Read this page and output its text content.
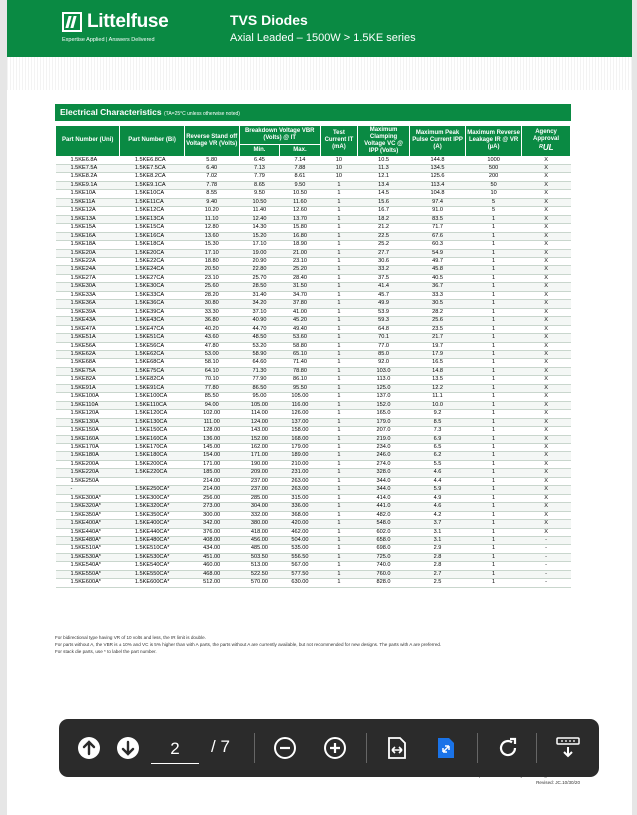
Littelfuse
Expertise Applied | Answers Delivered
TVS Diodes
Axial Leaded – 1500W > 1.5KE series
Electrical Characteristics (TA=25°C unless otherwise noted)
Part Number (Uni)	Part Number (Bi)	Reverse Stand off Voltage VR (Volts)	Breakdown Voltage VBR (Volts) @ IT		Test Current IT (mA)	Maximum Clamping Voltage VC @ IPP (Volts)	Maximum Peak Pulse Current IPP (A)	Maximum Reverse Leakage IR @ VR (µA)	Agency Approval
ᴿUL

			Min.	Max.					
1.5KE6.8A	1.5KE6.8CA	5.80	6.45	7.14	10	10.5	144.8	1000	X
1.5KE7.5A	1.5KE7.5CA	6.40	7.13	7.88	10	11.3	134.5	500	X
1.5KE8.2A	1.5KE8.2CA	7.02	7.79	8.61	10	12.1	125.6	200	X
1.5KE9.1A	1.5KE9.1CA	7.78	8.65	9.50	1	13.4	113.4	50	X
1.5KE10A	1.5KE10CA	8.55	9.50	10.50	1	14.5	104.8	10	X
1.5KE11A	1.5KE11CA	9.40	10.50	11.60	1	15.6	97.4	5	X
1.5KE12A	1.5KE12CA	10.20	11.40	12.60	1	16.7	91.0	5	X
1.5KE13A	1.5KE13CA	11.10	12.40	13.70	1	18.2	83.5	1	X
1.5KE15A	1.5KE15CA	12.80	14.30	15.80	1	21.2	71.7	1	X
1.5KE16A	1.5KE16CA	13.60	15.20	16.80	1	22.5	67.6	1	X
1.5KE18A	1.5KE18CA	15.30	17.10	18.90	1	25.2	60.3	1	X
1.5KE20A	1.5KE20CA	17.10	19.00	21.00	1	27.7	54.9	1	X
1.5KE22A	1.5KE22CA	18.80	20.90	23.10	1	30.6	49.7	1	X
1.5KE24A	1.5KE24CA	20.50	22.80	25.20	1	33.2	45.8	1	X
1.5KE27A	1.5KE27CA	23.10	25.70	28.40	1	37.5	40.5	1	X
1.5KE30A	1.5KE30CA	25.60	28.50	31.50	1	41.4	36.7	1	X
1.5KE33A	1.5KE33CA	28.20	31.40	34.70	1	45.7	33.3	1	X
1.5KE36A	1.5KE36CA	30.80	34.20	37.80	1	49.9	30.5	1	X
1.5KE39A	1.5KE39CA	33.30	37.10	41.00	1	53.9	28.2	1	X
1.5KE43A	1.5KE43CA	36.80	40.90	45.20	1	59.3	25.6	1	X
1.5KE47A	1.5KE47CA	40.20	44.70	49.40	1	64.8	23.5	1	X
1.5KE51A	1.5KE51CA	43.60	48.50	53.60	1	70.1	21.7	1	X
1.5KE56A	1.5KE56CA	47.80	53.20	58.80	1	77.0	19.7	1	X
1.5KE62A	1.5KE62CA	53.00	58.90	65.10	1	85.0	17.9	1	X
1.5KE68A	1.5KE68CA	58.10	64.60	71.40	1	92.0	16.5	1	X
1.5KE75A	1.5KE75CA	64.10	71.30	78.80	1	103.0	14.8	1	X
1.5KE82A	1.5KE82CA	70.10	77.90	86.10	1	113.0	13.5	1	X
1.5KE91A	1.5KE91CA	77.80	86.50	95.50	1	125.0	12.2	1	X
1.5KE100A	1.5KE100CA	85.50	95.00	105.00	1	137.0	11.1	1	X
1.5KE110A	1.5KE110CA	94.00	105.00	116.00	1	152.0	10.0	1	X
1.5KE120A	1.5KE120CA	102.00	114.00	126.00	1	165.0	9.2	1	X
1.5KE130A	1.5KE130CA	111.00	124.00	137.00	1	179.0	8.5	1	X
1.5KE150A	1.5KE150CA	128.00	143.00	158.00	1	207.0	7.3	1	X
1.5KE160A	1.5KE160CA	136.00	152.00	168.00	1	219.0	6.9	1	X
1.5KE170A	1.5KE170CA	145.00	162.00	179.00	1	234.0	6.5	1	X
1.5KE180A	1.5KE180CA	154.00	171.00	189.00	1	246.0	6.2	1	X
1.5KE200A	1.5KE200CA	171.00	190.00	210.00	1	274.0	5.5	1	X
1.5KE220A	1.5KE220CA	185.00	209.00	231.00	1	328.0	4.6	1	X
1.5KE250A		214.00	237.00	263.00	1	344.0	4.4	1	X
-	1.5KE250CA*	214.00	237.00	263.00	1	344.0	5.9	1	X
1.5KE300A*	1.5KE300CA*	256.00	285.00	315.00	1	414.0	4.9	1	X
1.5KE320A*	1.5KE320CA*	273.00	304.00	336.00	1	441.0	4.6	1	X
1.5KE350A*	1.5KE350CA*	300.00	332.00	368.00	1	482.0	4.2	1	X
1.5KE400A*	1.5KE400CA*	342.00	380.00	420.00	1	548.0	3.7	1	X
1.5KE440A*	1.5KE440CA*	376.00	418.00	462.00	1	602.0	3.1	1	X
1.5KE480A*	1.5KE480CA*	408.00	456.00	504.00	1	658.0	3.1	1	-
1.5KE510A*	1.5KE510CA*	434.00	485.00	535.00	1	698.0	2.9	1	-
1.5KE530A*	1.5KE530CA*	451.00	503.50	556.50	1	725.0	2.8	1	-
1.5KE540A*	1.5KE540CA*	460.00	513.00	567.00	1	740.0	2.8	1	-
1.5KE550A*	1.5KE550CA*	468.00	522.50	577.50	1	760.0	2.7	1	-
1.5KE600A*	1.5KE600CA*	512.00	570.00	630.00	1	828.0	2.5	1	-
For bidirectional type having VR of 10 volts and less, the IR limit is double.
For parts without A, the VBR is ± 10% and VC is 5% higher than with A parts, the parts without A are currently available, but not recommended for new designs. The parts with A are preferred.
For stack die parts, use * to label the part number.
Revised: JC.10/30/20
2
/ 7
